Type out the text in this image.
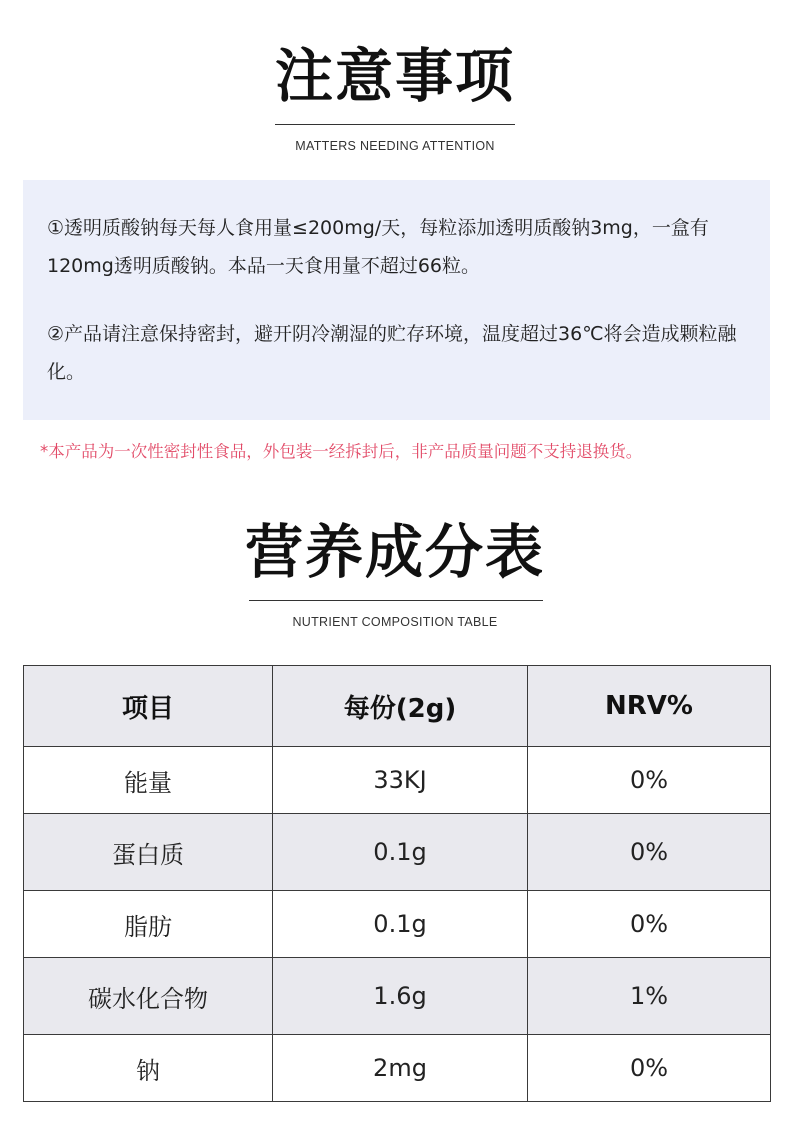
注意事项
MATTERS NEEDING ATTENTION
①透明质酸钠每天每人食用量≤200mg/天，每粒添加透明质酸钠3mg，一盒有120mg透明质酸钠。本品一天食用量不超过66粒。
②产品请注意保持密封，避开阴冷潮湿的贮存环境，温度超过36℃将会造成颗粒融化。
*本产品为一次性密封性食品，外包装一经拆封后，非产品质量问题不支持退换货。
营养成分表
NUTRIENT COMPOSITION TABLE
项目	每份(2g)	NRV%
能量	33KJ	0%
蛋白质	0.1g	0%
脂肪	0.1g	0%
碳水化合物	1.6g	1%
钠	2mg	0%
